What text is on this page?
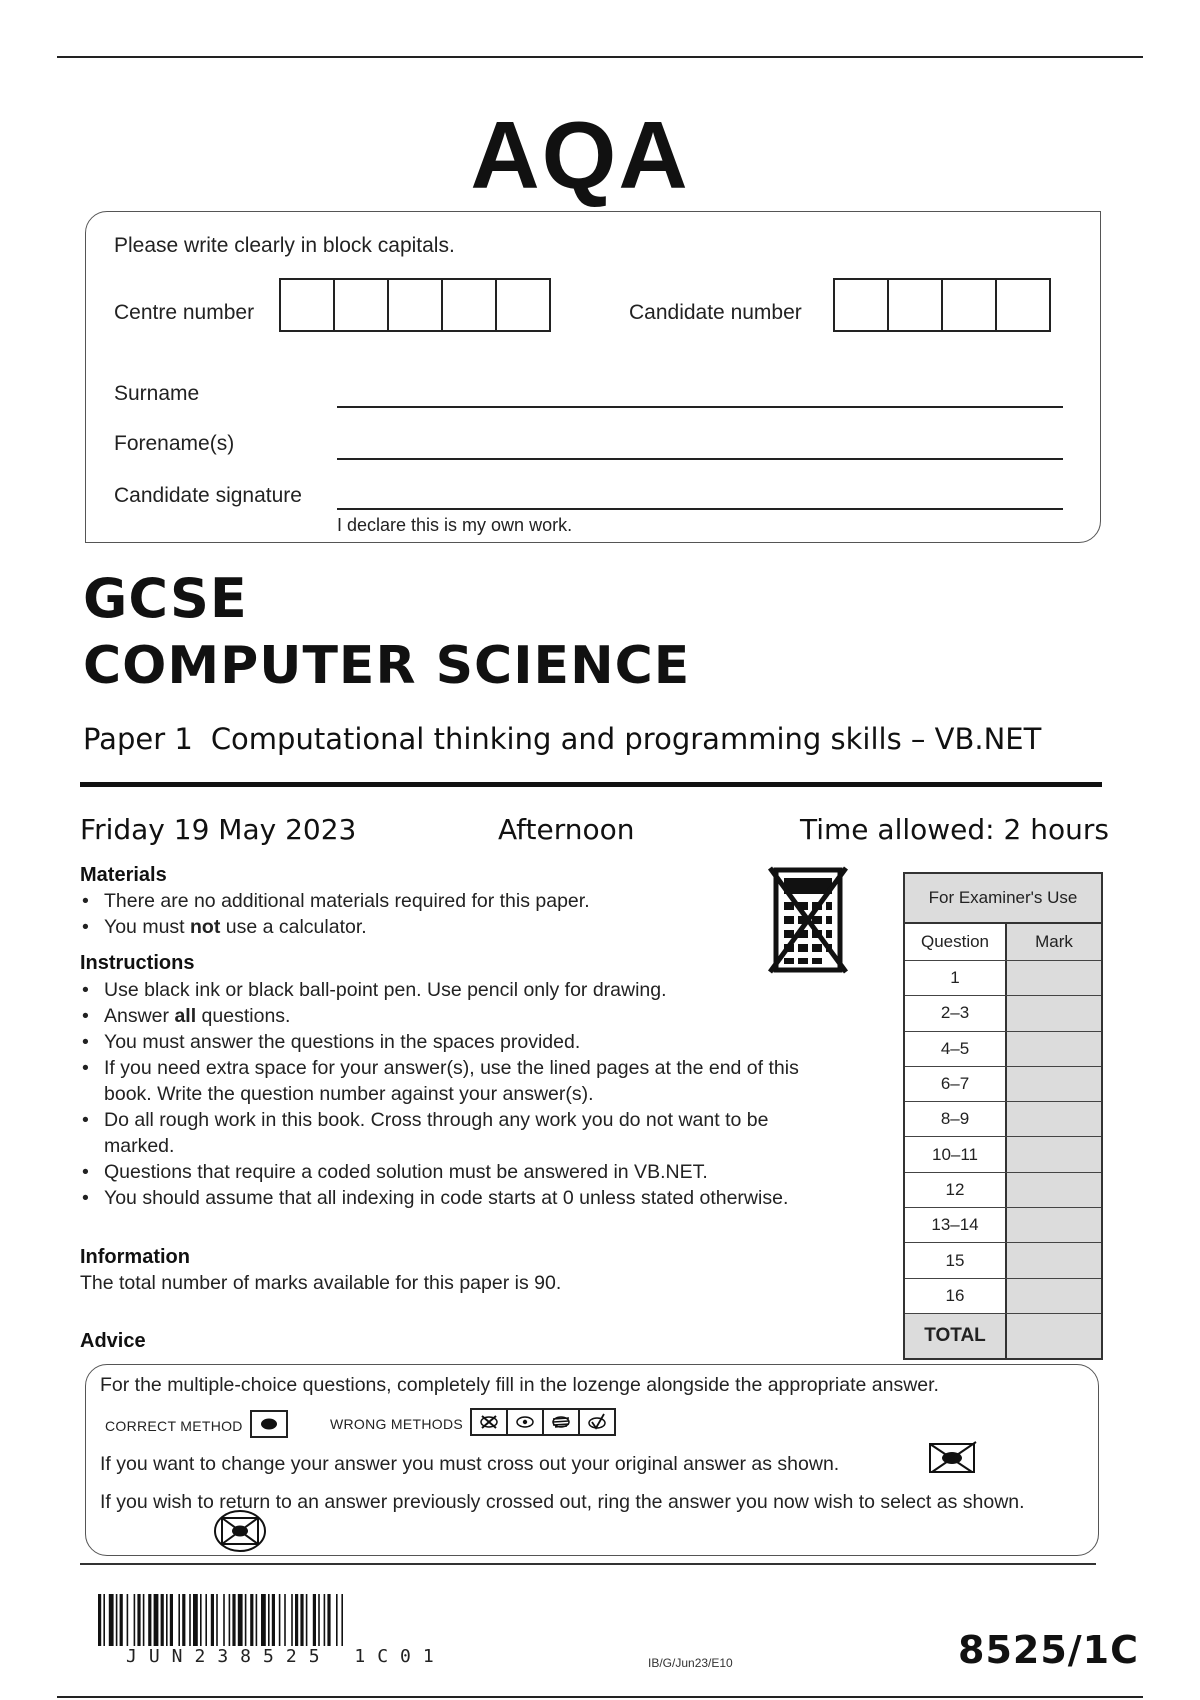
AQA
Please write clearly in block capitals.
Centre number	Candidate number
Surname
Forename(s)
Candidate signature
I declare this is my own work.
GCSE
COMPUTER SCIENCE
Paper 1 Computational thinking and programming skills – VB.NET
Friday 19 May 2023	Afternoon	Time allowed: 2 hours
Materials
• There are no additional materials required for this paper.
• You must not use a calculator.
Instructions
• Use black ink or black ball-point pen. Use pencil only for drawing.
• Answer all questions.
• You must answer the questions in the spaces provided.
• If you need extra space for your answer(s), use the lined pages at the end of this book. Write the question number against your answer(s).
• Do all rough work in this book. Cross through any work you do not want to be marked.
• Questions that require a coded solution must be answered in VB.NET.
• You should assume that all indexing in code starts at 0 unless stated otherwise.
Information
The total number of marks available for this paper is 90.
For Examiner's Use
Question	Mark
1
2–3
4–5
6–7
8–9
10–11
12
13–14
15
16
TOTAL
Advice
For the multiple-choice questions, completely fill in the lozenge alongside the appropriate answer.
CORRECT METHOD	WRONG METHODS
If you want to change your answer you must cross out your original answer as shown.
If you wish to return to an answer previously crossed out, ring the answer you now wish to select as shown.
JUN238525 1C01	IB/G/Jun23/E10	8525/1C
